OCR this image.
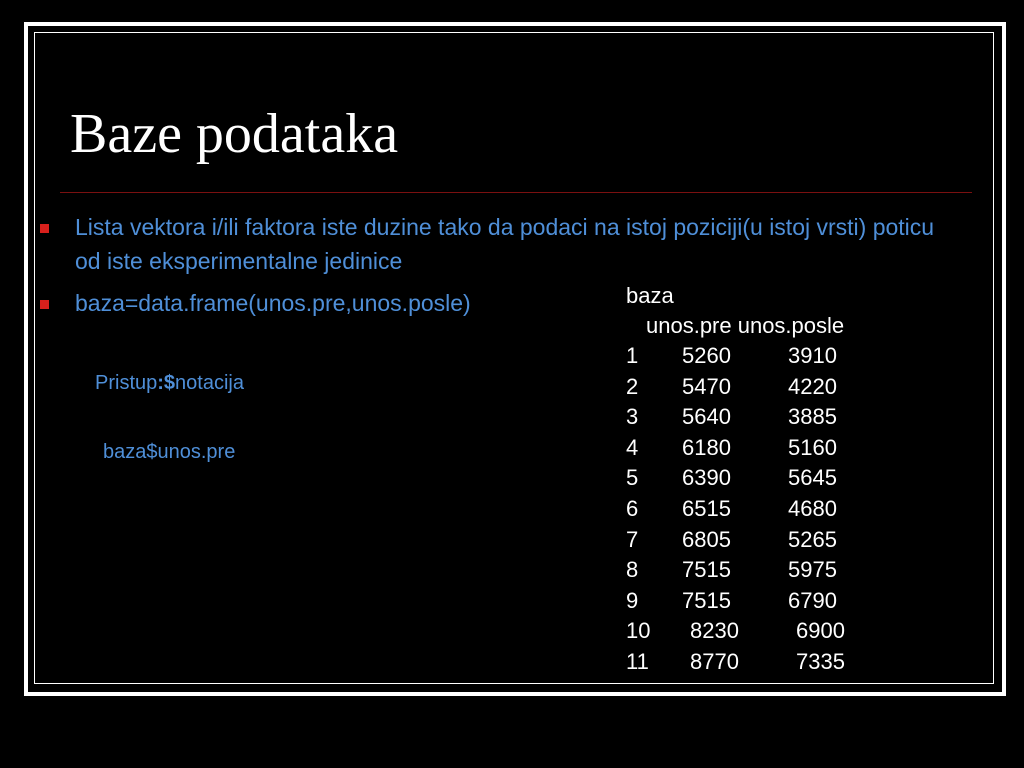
Baze podataka
Lista vektora i/ili faktora iste duzine tako da podaci na istoj poziciji(u istoj vrsti) poticu od iste eksperimentalne jedinice
baza=data.frame(unos.pre,unos.posle)
Pristup:$notacija
baza$unos.pre
baza
unos.pre unos.posle
1 5260	3910
2 5470	4220
3 5640	3885
4 6180	5160
5 6390	5645
6 6515	4680
7 6805	5265
8 7515	5975
9 7515	6790
10 8230	6900
11 8770	7335
